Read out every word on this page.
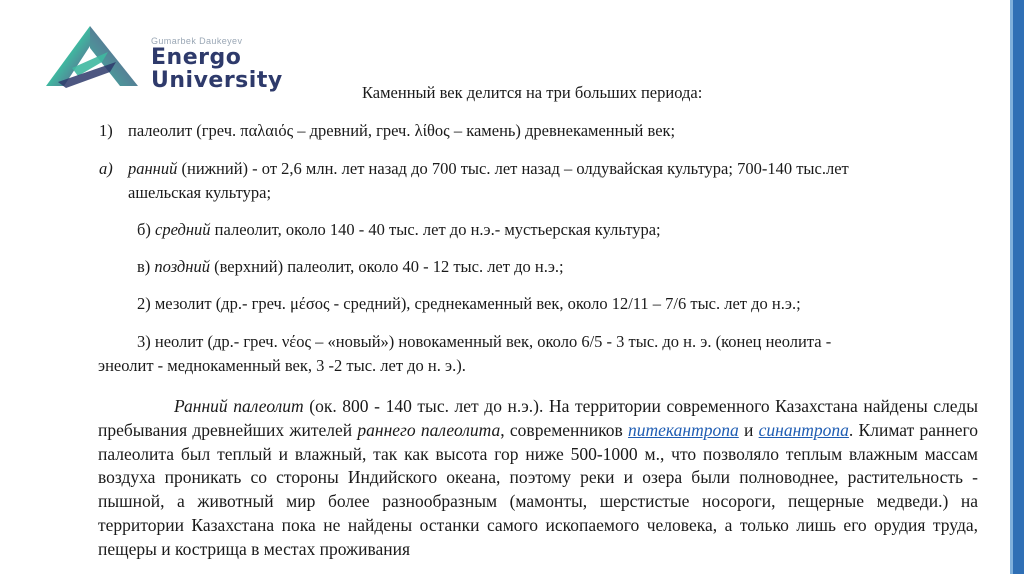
Gumarbek Daukeyev
Energo
University	Каменный век делится на три больших периода:
1) палеолит (греч. παλαιός – древний, греч. λίθος – камень) древнекаменный век;
а) ранний (нижний) - от 2,6 млн. лет назад до 700 тыс. лет назад – олдувайская культура; 700-140 тыс.лет
ашельская культура;
б) средний палеолит, около 140 - 40 тыс. лет до н.э.- мустьерская культура;
в) поздний (верхний) палеолит, около 40 - 12 тыс. лет до н.э.;
2) мезолит (др.- греч. μέσος - средний), среднекаменный век, около 12/11 – 7/6 тыс. лет до н.э.;
3) неолит (др.- греч. νέος – «новый») новокаменный век, около 6/5 - 3 тыс. до н. э. (конец неолита -
энеолит - меднокаменный век, 3 -2 тыс. лет до н. э.).
Ранний палеолит (ок. 800 - 140 тыс. лет до н.э.). На территории современного Казахстана найдены следы пребывания древнейших жителей раннего палеолита, современников питекантропа и синантропа. Климат раннего палеолита был теплый и влажный, так как высота гор ниже 500-1000 м., что позволяло теплым влажным массам воздуха проникать со стороны Индийского океана, поэтому реки и озера были полноводнее, растительность - пышной, а животный мир более разнообразным (мамонты, шерстистые носороги, пещерные медведи.) на территории Казахстана пока не найдены останки самого ископаемого человека, а только лишь его орудия труда, пещеры и кострища в местах проживания
